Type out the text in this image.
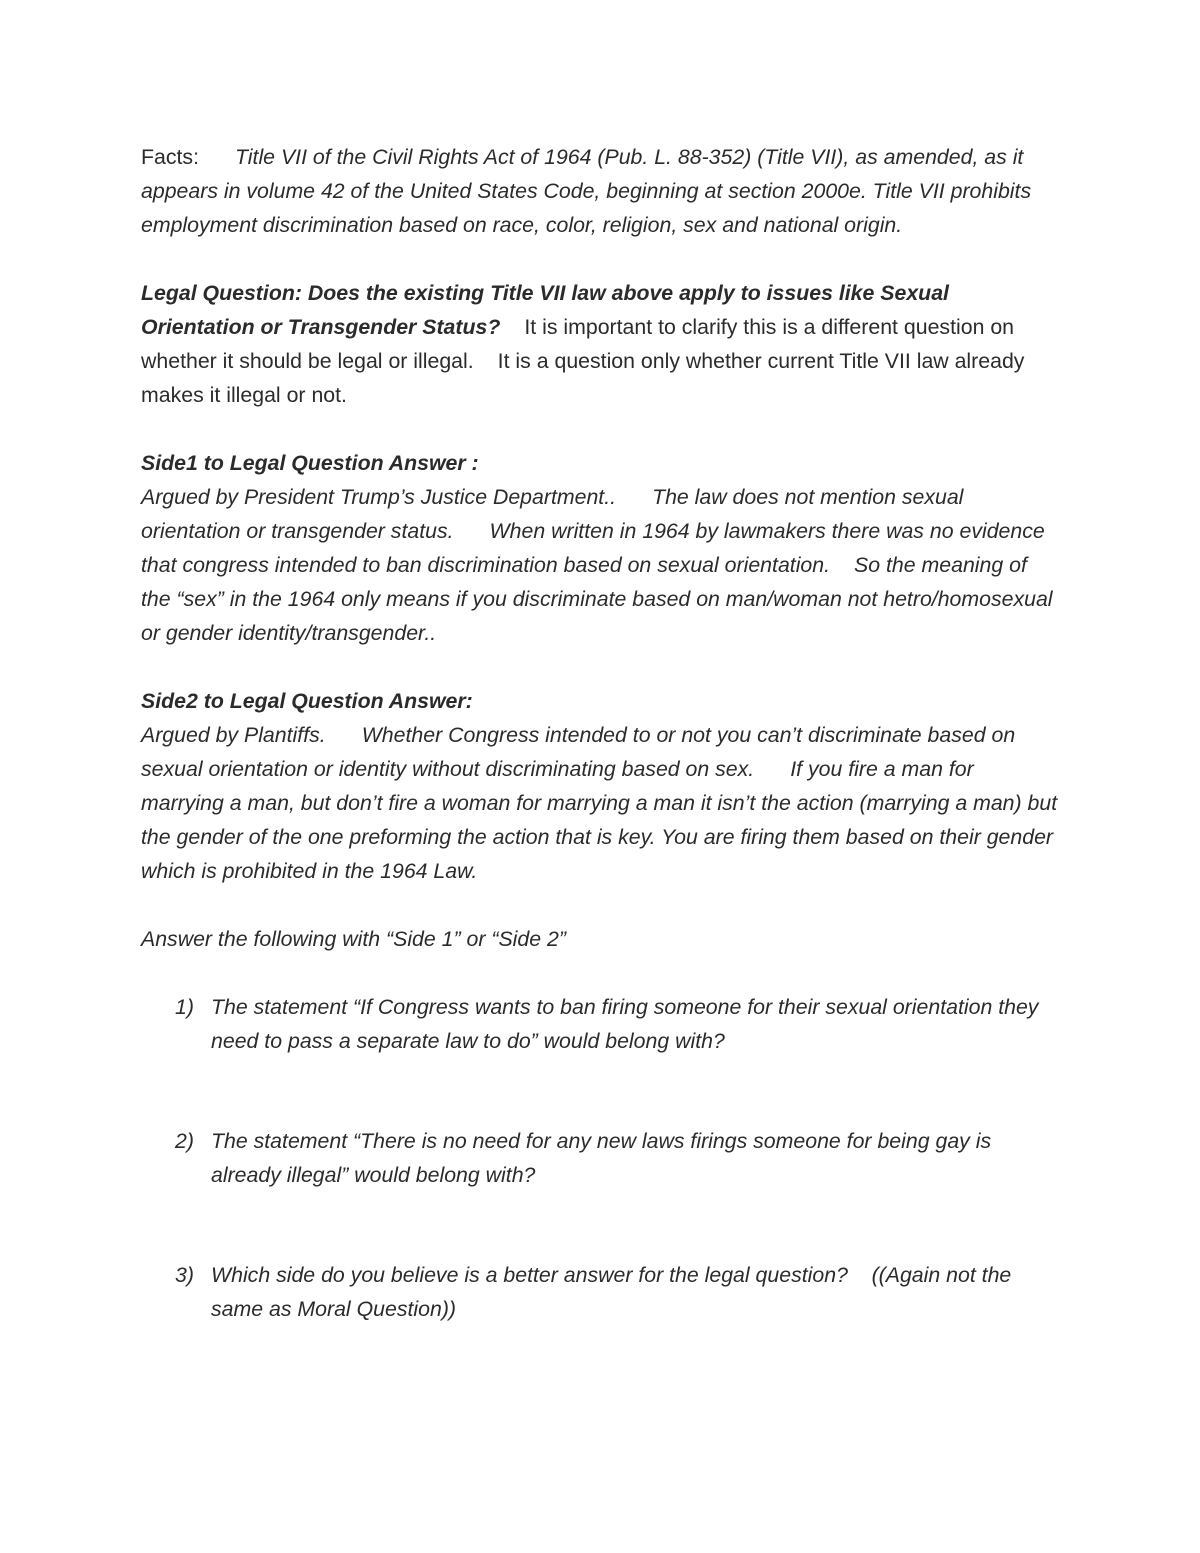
Facts: Title VII of the Civil Rights Act of 1964 (Pub. L. 88-352) (Title VII), as amended, as it appears in volume 42 of the United States Code, beginning at section 2000e. Title VII prohibits employment discrimination based on race, color, religion, sex and national origin.

Legal Question: Does the existing Title VII law above apply to issues like Sexual Orientation or Transgender Status? It is important to clarify this is a different question on whether it should be legal or illegal. It is a question only whether current Title VII law already makes it illegal or not.

Side1 to Legal Question Answer :
Argued by President Trump’s Justice Department.. The law does not mention sexual orientation or transgender status. When written in 1964 by lawmakers there was no evidence that congress intended to ban discrimination based on sexual orientation. So the meaning of the “sex” in the 1964 only means if you discriminate based on man/woman not hetro/homosexual or gender identity/transgender..

Side2 to Legal Question Answer:
Argued by Plantiffs. Whether Congress intended to or not you can’t discriminate based on sexual orientation or identity without discriminating based on sex. If you fire a man for marrying a man, but don’t fire a woman for marrying a man it isn’t the action (marrying a man) but the gender of the one preforming the action that is key. You are firing them based on their gender which is prohibited in the 1964 Law.

Answer the following with “Side 1” or “Side 2”

1) The statement “If Congress wants to ban firing someone for their sexual orientation they need to pass a separate law to do” would belong with?
2) The statement “There is no need for any new laws firings someone for being gay is already illegal” would belong with?
3) Which side do you believe is a better answer for the legal question?    ((Again not the same as Moral Question))
